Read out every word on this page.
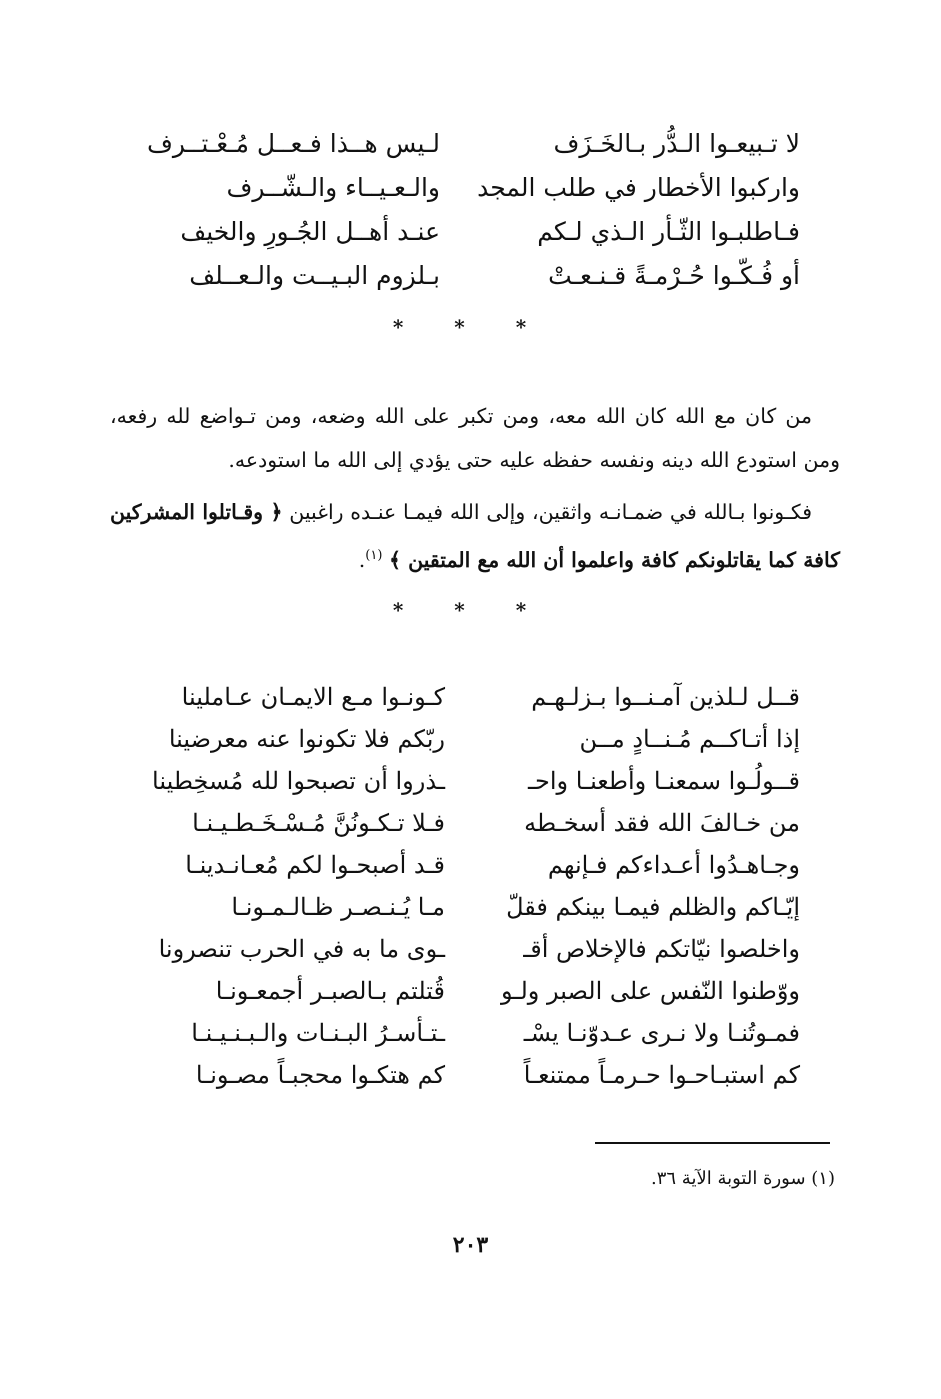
لا تـبيعـوا الـدُّر بـالخَـزَف
لـيس هــذا فـعــل مُـعْـتــرف
واركبوا الأخطار في طلب المجد
والـعـيــاء والـشّــرف
فـاطلبـوا الثّـأر الـذي لـكم
عنـد أهــل الجُـورِ والخيف
أو فُـكّـوا حُـرْمـةً قـنـعـتْ
بـلزوم البـيــت والـعــلف
* * *

من كان مع الله كان الله معه، ومن تكبر على الله وضعه، ومن تـواضع لله رفعه، ومن استودع الله دينه ونفسه حفظه عليه حتى يؤدي إلى الله ما استودعه.

فكـونوا بـالله في ضمـانـه واثقين، وإلى الله فيمـا عنـده راغبين ﴿ وقـاتلوا المشركين كافة كما يقاتلونكم كافة واعلموا أن الله مع المتقين ﴾ $^{(١)}$.

* * *
قــل لـلذين آمـنــوا بـزلـهـم
كـونـوا مـع الايمـان عـاملينا
إذا أتـاكــم مُـنــادٍ مــن
ربّكم فلا تكونوا عنه معرضينا
قــولُـوا سمعنـا وأطعنـا واحـ
ـذروا أن تصبحوا لله مُسخِطينا
من خـالفَ الله فقد أسخـطه
فـلا تـكـونُنَّ مُـسْـخَـطـيـنـا
وجـاهـدُوا أعـداءكم فـإنهم
قـد أصبحـوا لكم مُعـانـدينـا
إيّـاكم والظلم فيمـا بينكم فقلّ
مـا يُـنـصـر ظـالـمـونـا
واخلصوا نيّاتكم فالإخلاص أقـ
ـوى ما به في الحرب تنصرونا
ووّطنوا النّفس على الصبر ولـو
قُتلتم بـالصبـر أجمعـونـا
فمـوتُنـا ولا نـرى عـدوّنـا يسْـ
ـتـأسـرُ البـنـات والـبـنـيـنـا
كم استبـاحـوا حـرمـاً ممتنعـاً
كم هتكـوا محجبـاً مصـونـا
(١) سورة التوبة الآية ٣٦.
٢٠٣
